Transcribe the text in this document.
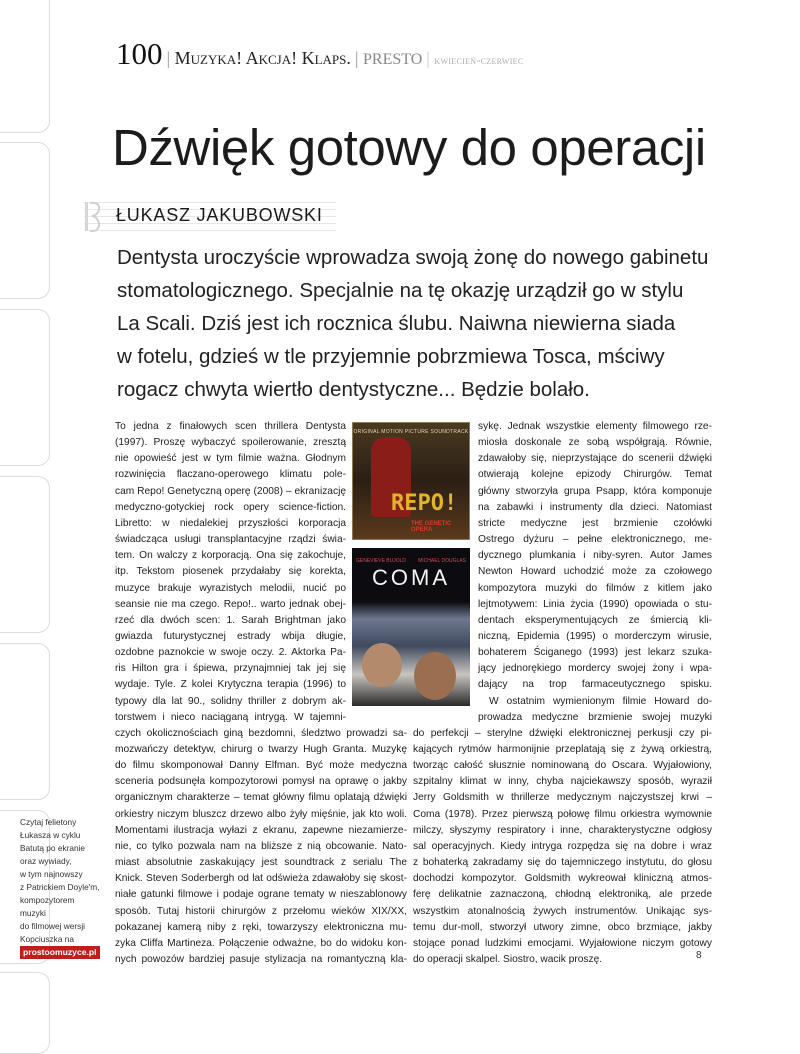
100 | Muzyka! Akcja! Klaps. | PRESTO | kwiecień-czerwiec
Dźwięk gotowy do operacji
ŁUKASZ JAKUBOWSKI
Dentysta uroczyście wprowadza swoją żonę do nowego gabinetu
stomatologicznego. Specjalnie na tę okazję urządził go w stylu
La Scali. Dziś jest ich rocznica ślubu. Naiwna niewierna siada
w fotelu, gdzieś w tle przyjemnie pobrzmiewa Tosca, mściwy
rogacz chwyta wiertło dentystyczne... Będzie bolało.
To jedna z finałowych scen thrillera Dentysta
(1997). Proszę wybaczyć spoilerowanie, zresztą
nie opowieść jest w tym filmie ważna. Głodnym
rozwinięcia flaczano-operowego klimatu pole-
cam Repo! Genetyczną operę (2008) – ekranizację
medyczno-gotyckiej rock opery science-fiction.
Libretto: w niedalekiej przyszłości korporacja
świadcząca usługi transplantacyjne rządzi świa-
tem. On walczy z korporacją. Ona się zakochuje,
itp. Tekstom piosenek przydałaby się korekta,
muzyce brakuje wyrazistych melodii, nucić po
seansie nie ma czego. Repo!.. warto jednak obej-
rzeć dla dwóch scen: 1. Sarah Brightman jako
gwiazda futurystycznej estrady wbija długie,
ozdobne paznokcie w swoje oczy. 2. Aktorka Pa-
ris Hilton gra i śpiewa, przynajmniej tak jej się
wydaje. Tyle. Z kolei Krytyczna terapia (1996) to
typowy dla lat 90., solidny thriller z dobrym ak-
torstwem i nieco naciąganą intrygą. W tajemni-
czych okolicznościach giną bezdomni, śledztwo prowadzi sa-
mozwańczy detektyw, chirurg o twarzy Hugh Granta. Muzykę
do filmu skomponował Danny Elfman. Być może medyczna
sceneria podsunęła kompozytorowi pomysł na oprawę o jakby
organicznym charakterze – temat główny filmu oplatają dźwięki
orkiestry niczym bluszcz drzewo albo żyły mięśnie, jak kto woli.
Momentami ilustracja wyłazi z ekranu, zapewne niezamierze-
nie, co tylko pozwala nam na bliższe z nią obcowanie. Nato-
miast absolutnie zaskakujący jest soundtrack z serialu The
Knick. Steven Soderbergh od lat odświeża zdawałoby się skost-
niałe gatunki filmowe i podaje ograne tematy w nieszablonowy
sposób. Tutaj historii chirurgów z przełomu wieków XIX/XX,
pokazanej kamerą niby z ręki, towarzyszy elektroniczna mu-
zyka Cliffa Martineza. Połączenie odważne, bo do widoku kon-
nych powozów bardziej pasuje stylizacja na romantyczną kla-
sykę. Jednak wszystkie elementy filmowego rze-
miosła doskonale ze sobą współgrają. Równie,
zdawałoby się, nieprzystające do scenerii dźwięki
otwierają kolejne epizody Chirurgów. Temat
główny stworzyła grupa Psapp, która komponuje
na zabawki i instrumenty dla dzieci. Natomiast
stricte medyczne jest brzmienie czołówki
Ostrego dyżuru – pełne elektronicznego, me-
dycznego plumkania i niby-syren. Autor James
Newton Howard uchodzić może za czołowego
kompozytora muzyki do filmów z kitlem jako
lejtmotywem: Linia życia (1990) opowiada o stu-
dentach eksperymentujących ze śmiercią kli-
niczną, Epidemia (1995) o morderczym wirusie,
bohaterem Ściganego (1993) jest lekarz szuka-
jący jednorękiego mordercy swojej żony i wpa-
dający na trop farmaceutycznego spisku.
W ostatnim wymienionym filmie Howard do-
prowadza medyczne brzmienie swojej muzyki
do perfekcji – sterylne dźwięki elektronicznej perkusji czy pi-
kających rytmów harmonijnie przeplatają się z żywą orkiestrą,
tworząc całość słusznie nominowaną do Oscara. Wyjałowiony,
szpitalny klimat w inny, chyba najciekawszy sposób, wyraził
Jerry Goldsmith w thrillerze medycznym najczystszej krwi –
Coma (1978). Przez pierwszą połowę filmu orkiestra wymownie
milczy, słyszymy respiratory i inne, charakterystyczne odgłosy
sal operacyjnych. Kiedy intryga rozpędza się na dobre i wraz
z bohaterką zakradamy się do tajemniczego instytutu, do głosu
dochodzi kompozytor. Goldsmith wykreował kliniczną atmos-
ferę delikatnie zaznaczoną, chłodną elektroniką, ale przede
wszystkim atonalnością żywych instrumentów. Unikając sys-
temu dur-moll, stworzył utwory zimne, obco brzmiące, jakby
stojące ponad ludzkimi emocjami. Wyjałowione niczym gotowy
do operacji skalpel. Siostro, wacik proszę.	8
ORIGINAL MOTION PICTURE SOUNDTRACK
REPO!
THE GENETIC OPERA
GENEVIEVE BUJOLD MICHAEL DOUGLAS
COMA
Czytaj felietony
Łukasza w cyklu
Batutą po ekranie
oraz wywiady,
w tym najnowszy
z Patrickiem Doyle'm,
kompozytorem muzyki
do filmowej wersji
Kopciuszka na
prostoomuzyce.pl
